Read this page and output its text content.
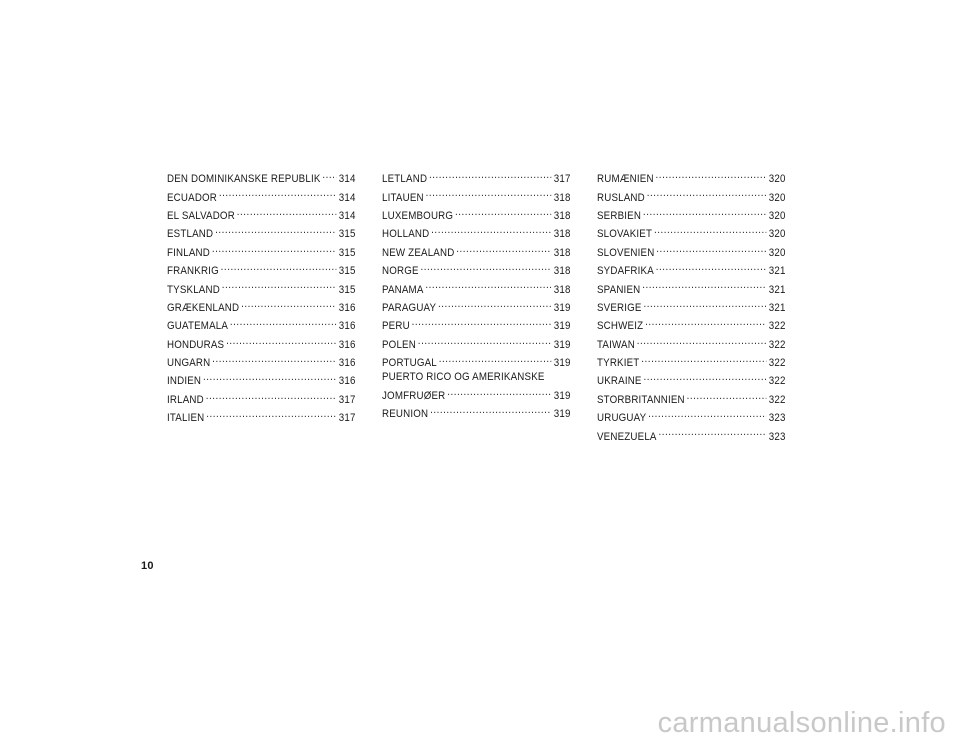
DEN DOMINIKANSKE REPUBLIK ..... 314
ECUADOR .....	314
EL SALVADOR .....	314
ESTLAND .....	315
FINLAND .....	315
FRANKRIG .....	315
TYSKLAND .....	315
GRÆKENLAND .....	316
GUATEMALA .....	316
HONDURAS .....	316
UNGARN .....	316
INDIEN .....	316
IRLAND .....	317
ITALIEN .....	317
LETLAND .....	317
LITAUEN .....	318
LUXEMBOURG .....	318
HOLLAND .....	318
NEW ZEALAND .....	318
NORGE .....	318
PANAMA .....	318
PARAGUAY .....	319
PERU .....	319
POLEN .....	319
PORTUGAL .....	319
PUERTO RICO OG AMERIKANSKE
JOMFRUØER .....	319
REUNION .....	319
RUMÆNIEN .....	320
RUSLAND .....	320
SERBIEN .....	320
SLOVAKIET .....	320
SLOVENIEN .....	320
SYDAFRIKA .....	321
SPANIEN .....	321
SVERIGE .....	321
SCHWEIZ .....	322
TAIWAN .....	322
TYRKIET .....	322
UKRAINE .....	322
STORBRITANNIEN .....	322
URUGUAY .....	323
VENEZUELA .....	323
10
carmanualsonline.info
